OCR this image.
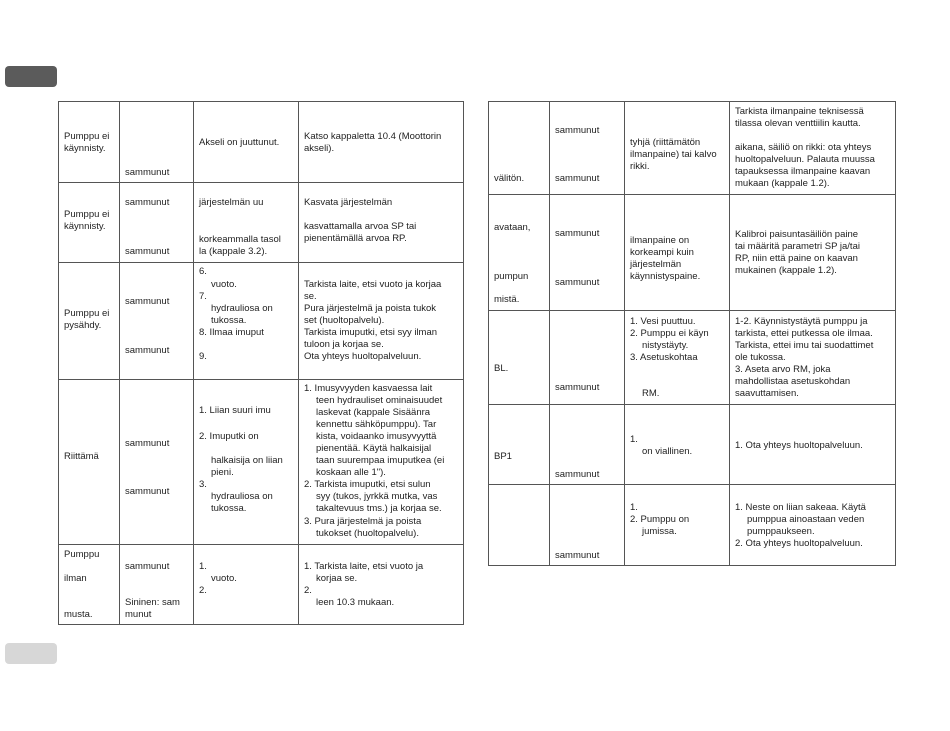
Pumppu ei
käynnisty.
sammunut
Akseli on juuttunut.
Katso kappaletta 10.4 (Moottorin
akseli).
Pumppu ei
käynnisty.
sammunut
sammunut
järjestelmän uu
korkeammalla tasol
la (kappale 3.2).
Kasvata järjestelmän
kasvattamalla arvoa SP tai
pienentämällä arvoa RP.
Pumppu ei
pysähdy.
sammunut
sammunut
6.
vuoto.
7.
hydrauliosa on
tukossa.
8. Ilmaa imuput
9.
Tarkista laite, etsi vuoto ja korjaa
se.
Pura järjestelmä ja poista tukok
set (huoltopalvelu).
Tarkista imuputki, etsi syy ilman
tuloon ja korjaa se.
Ota yhteys huoltopalveluun.
Riittämä
sammunut
sammunut
1. Liian suuri imu
2. Imuputki on
halkaisija on liian
pieni.
3.
hydrauliosa on
tukossa.
1. Imusyvyyden kasvaessa lait
teen hydrauliset ominaisuudet
laskevat (kappale Sisäänra
kennettu sähköpumppu). Tar
kista, voidaanko imusyvyyttä
pienentää. Käytä halkaisijal
taan suurempaa imuputkea (ei
koskaan alle 1").
2. Tarkista imuputki, etsi sulun
syy (tukos, jyrkkä mutka, vas
takaltevuus tms.) ja korjaa se.
3. Pura järjestelmä ja poista
tukokset (huoltopalvelu).
Pumppu
ilman
musta.
sammunut
Sininen: sam
munut
1.
vuoto.
2.
1. Tarkista laite, etsi vuoto ja
korjaa se.
2.
leen 10.3 mukaan.
välitön.
sammunut
sammunut
tyhjä (riittämätön
ilmanpaine) tai kalvo
rikki.
Tarkista ilmanpaine teknisessä
tilassa olevan venttiilin kautta.
aikana, säiliö on rikki: ota yhteys
huoltopalveluun. Palauta muussa
tapauksessa ilmanpaine kaavan
mukaan (kappale 1.2).
avataan,
pumpun
mistä.
sammunut
sammunut
ilmanpaine on
korkeampi kuin
järjestelmän
käynnistyspaine.
Kalibroi paisuntasäiliön paine
tai määritä parametri SP ja/tai
RP, niin että paine on kaavan
mukainen (kappale 1.2).
BL.
sammunut
1. Vesi puuttuu.
2. Pumppu ei käyn
nistystäyty.
3. Asetuskohtaa
RM.
1-2. Käynnistystäytä pumppu ja
tarkista, ettei putkessa ole ilmaa.
Tarkista, ettei imu tai suodattimet
ole tukossa.
3. Aseta arvo RM, joka
mahdollistaa asetuskohdan
saavuttamisen.
BP1
sammunut
1.
on viallinen.
1. Ota yhteys huoltopalveluun.
sammunut
1.
2. Pumppu on
jumissa.
1. Neste on liian sakeaa. Käytä
pumppua ainoastaan veden
pumppaukseen.
2. Ota yhteys huoltopalveluun.
